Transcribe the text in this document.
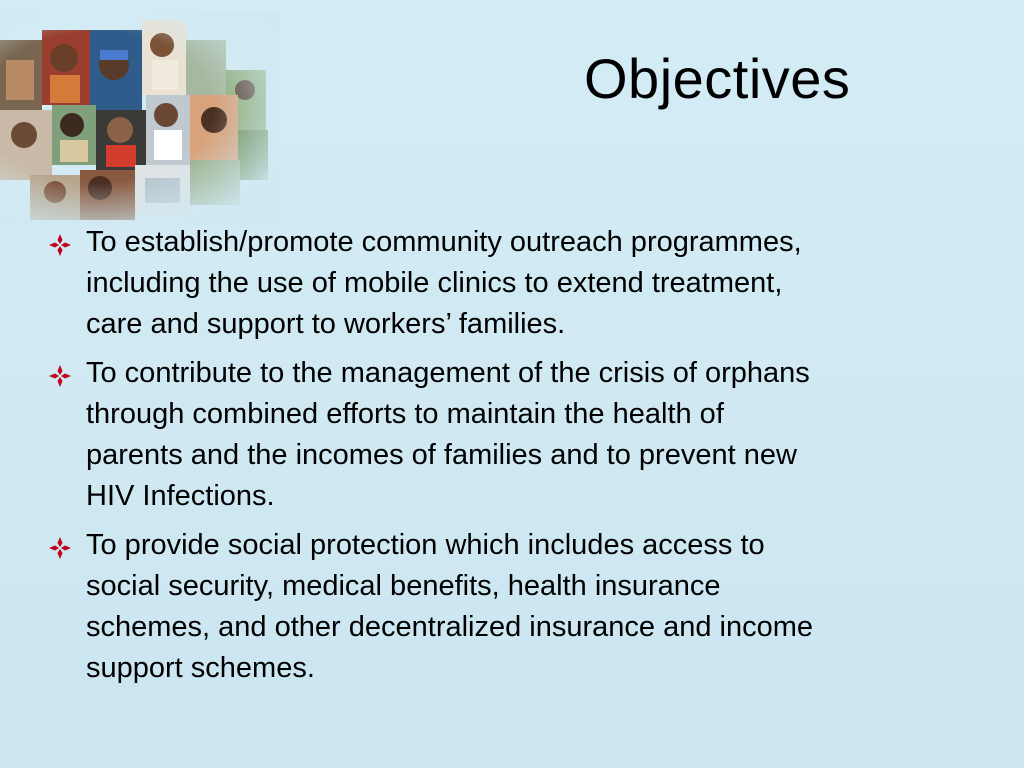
Objectives
To establish/promote community outreach programmes,
including the use of mobile clinics to extend treatment,
care and support to workers’ families.
To contribute to the management of the crisis of orphans
through combined efforts to maintain the health of
parents and the incomes of families and to prevent new
HIV Infections.
To provide social protection which includes access to
social security, medical benefits, health insurance
schemes, and other decentralized insurance and income
support schemes.
